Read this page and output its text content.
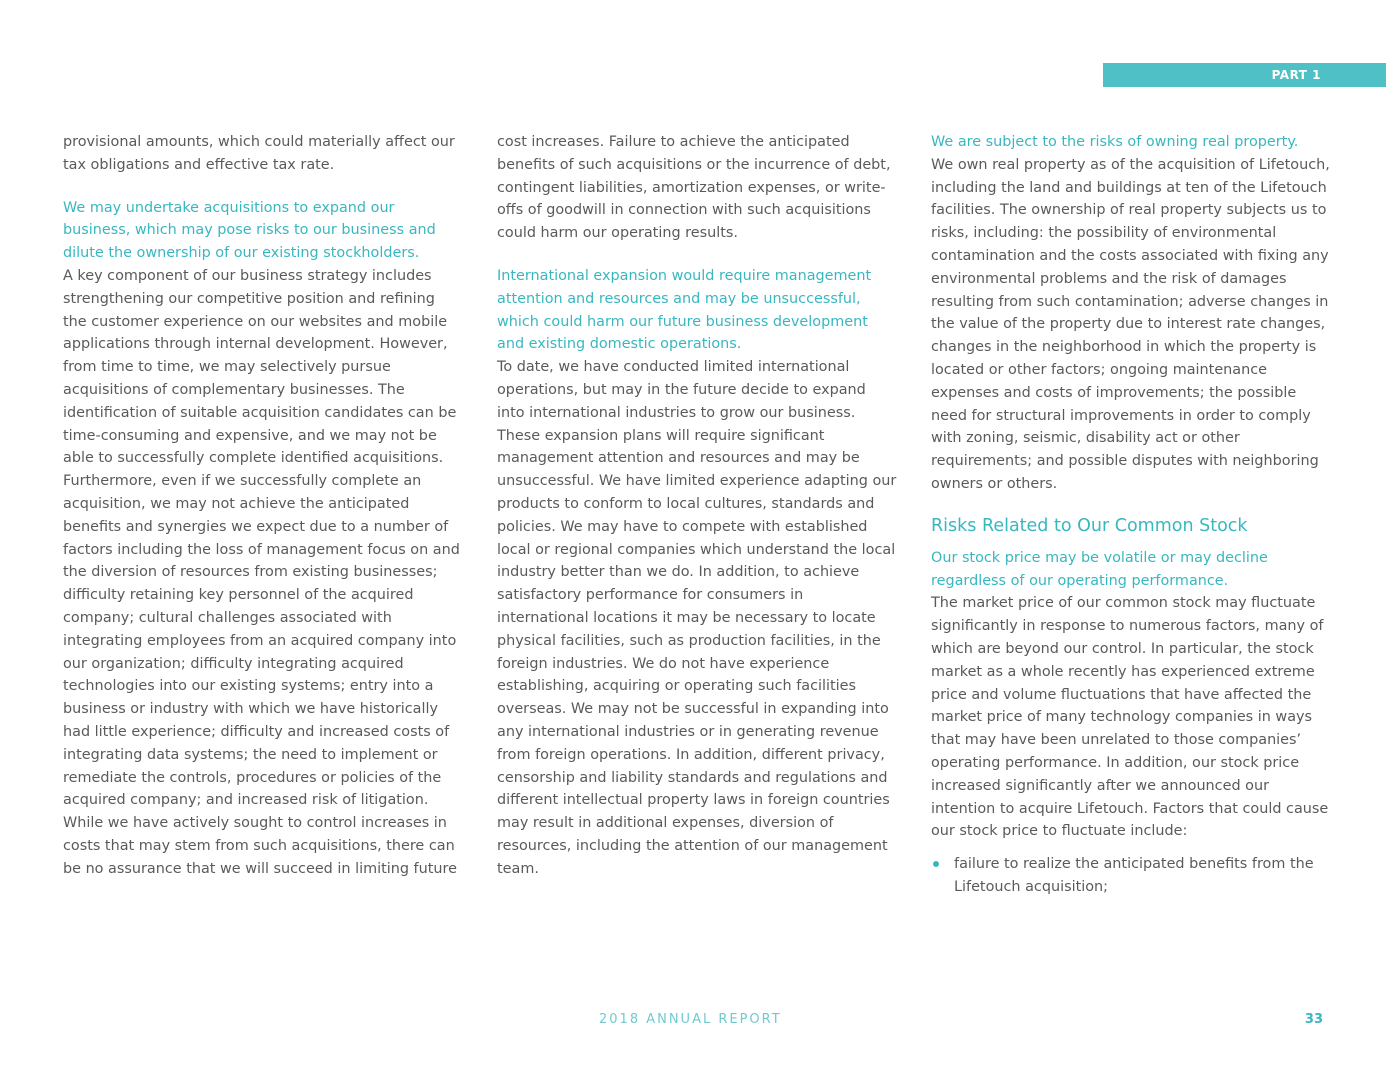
PART 1

provisional amounts, which could materially affect our tax obligations and effective tax rate.

We may undertake acquisitions to expand our business, which may pose risks to our business and dilute the ownership of our existing stockholders.

A key component of our business strategy includes strengthening our competitive position and refining the customer experience on our websites and mobile applications through internal development. However, from time to time, we may selectively pursue acquisitions of complementary businesses. The identification of suitable acquisition candidates can be time-consuming and expensive, and we may not be able to successfully complete identified acquisitions. Furthermore, even if we successfully complete an acquisition, we may not achieve the anticipated benefits and synergies we expect due to a number of factors including the loss of management focus on and the diversion of resources from existing businesses; difficulty retaining key personnel of the acquired company; cultural challenges associated with integrating employees from an acquired company into our organization; difficulty integrating acquired technologies into our existing systems; entry into a business or industry with which we have historically had little experience; difficulty and increased costs of integrating data systems; the need to implement or remediate the controls, procedures or policies of the acquired company; and increased risk of litigation. While we have actively sought to control increases in costs that may stem from such acquisitions, there can be no assurance that we will succeed in limiting future

cost increases. Failure to achieve the anticipated benefits of such acquisitions or the incurrence of debt, contingent liabilities, amortization expenses, or write-offs of goodwill in connection with such acquisitions could harm our operating results.

International expansion would require management attention and resources and may be unsuccessful, which could harm our future business development and existing domestic operations.

To date, we have conducted limited international operations, but may in the future decide to expand into international industries to grow our business. These expansion plans will require significant management attention and resources and may be unsuccessful. We have limited experience adapting our products to conform to local cultures, standards and policies. We may have to compete with established local or regional companies which understand the local industry better than we do. In addition, to achieve satisfactory performance for consumers in international locations it may be necessary to locate physical facilities, such as production facilities, in the foreign industries. We do not have experience establishing, acquiring or operating such facilities overseas. We may not be successful in expanding into any international industries or in generating revenue from foreign operations. In addition, different privacy, censorship and liability standards and regulations and different intellectual property laws in foreign countries may result in additional expenses, diversion of resources, including the attention of our management team.

We are subject to the risks of owning real property.

We own real property as of the acquisition of Lifetouch, including the land and buildings at ten of the Lifetouch facilities. The ownership of real property subjects us to risks, including: the possibility of environmental contamination and the costs associated with fixing any environmental problems and the risk of damages resulting from such contamination; adverse changes in the value of the property due to interest rate changes, changes in the neighborhood in which the property is located or other factors; ongoing maintenance expenses and costs of improvements; the possible need for structural improvements in order to comply with zoning, seismic, disability act or other requirements; and possible disputes with neighboring owners or others.

Risks Related to Our Common Stock

Our stock price may be volatile or may decline regardless of our operating performance.

The market price of our common stock may fluctuate significantly in response to numerous factors, many of which are beyond our control. In particular, the stock market as a whole recently has experienced extreme price and volume fluctuations that have affected the market price of many technology companies in ways that may have been unrelated to those companies’ operating performance. In addition, our stock price increased significantly after we announced our intention to acquire Lifetouch. Factors that could cause our stock price to fluctuate include:

failure to realize the anticipated benefits from the Lifetouch acquisition;
2018 ANNUAL REPORT	33
